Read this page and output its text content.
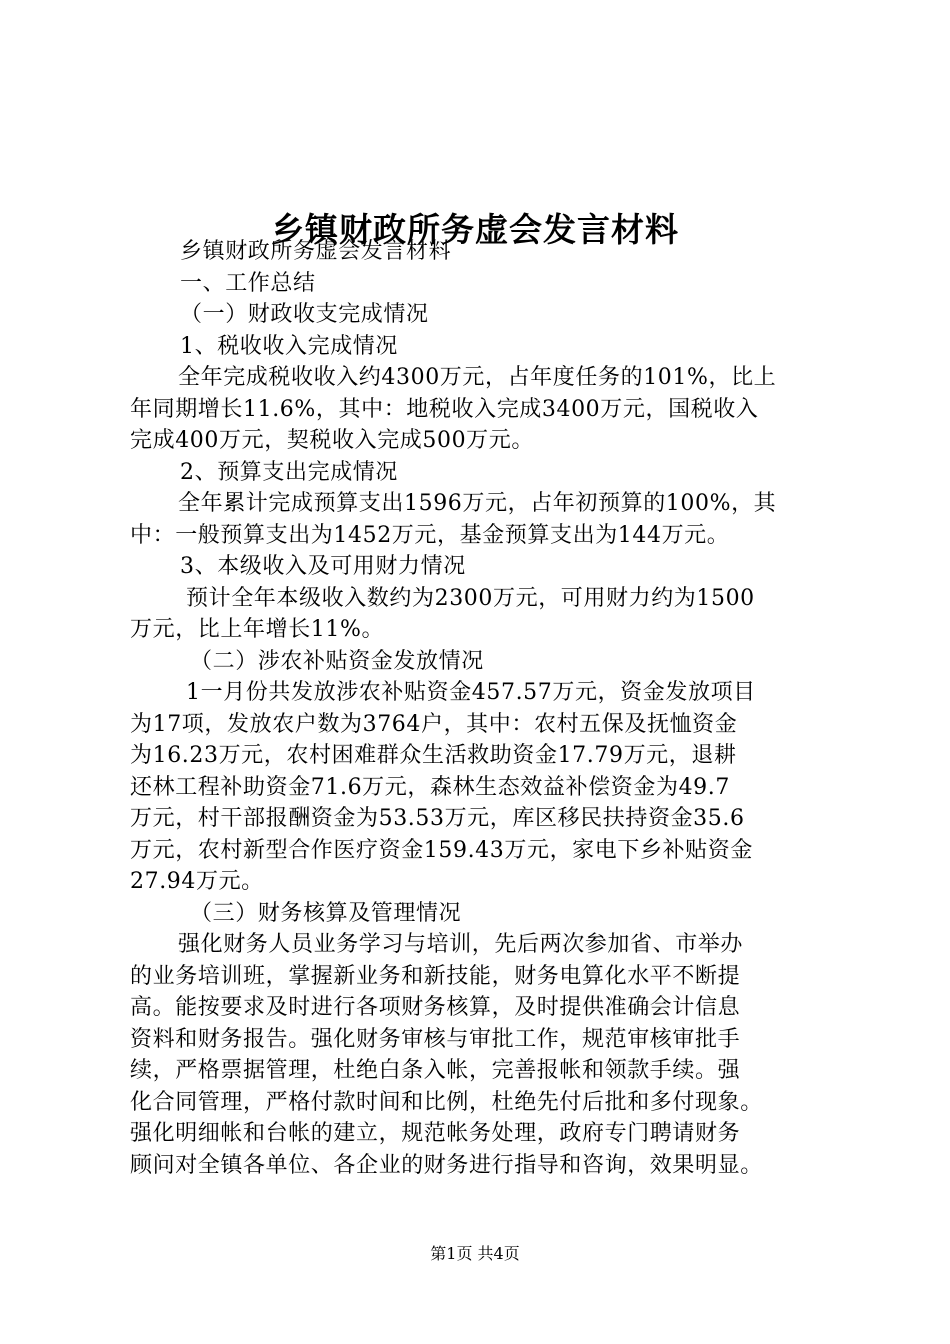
乡镇财政所务虚会发言材料
乡镇财政所务虚会发言材料
一、工作总结
（一）财政收支完成情况
1、税收收入完成情况
全年完成税收收入约4300万元，占年度任务的101%，比上
年同期增长11.6%，其中：地税收入完成3400万元，国税收入
完成400万元，契税收入完成500万元。
2、预算支出完成情况
全年累计完成预算支出1596万元，占年初预算的100%，其
中：一般预算支出为1452万元，基金预算支出为144万元。
3、本级收入及可用财力情况
预计全年本级收入数约为2300万元，可用财力约为1500
万元，比上年增长11%。
（二）涉农补贴资金发放情况
1一月份共发放涉农补贴资金457.57万元，资金发放项目
为17项，发放农户数为3764户，其中：农村五保及抚恤资金
为16.23万元，农村困难群众生活救助资金17.79万元，退耕
还林工程补助资金71.6万元，森林生态效益补偿资金为49.7
万元，村干部报酬资金为53.53万元，库区移民扶持资金35.6
万元，农村新型合作医疗资金159.43万元，家电下乡补贴资金
27.94万元。
（三）财务核算及管理情况
强化财务人员业务学习与培训，先后两次参加省、市举办
的业务培训班，掌握新业务和新技能，财务电算化水平不断提
高。能按要求及时进行各项财务核算，及时提供准确会计信息
资料和财务报告。强化财务审核与审批工作，规范审核审批手
续，严格票据管理，杜绝白条入帐，完善报帐和领款手续。强
化合同管理，严格付款时间和比例，杜绝先付后批和多付现象。
强化明细帐和台帐的建立，规范帐务处理，政府专门聘请财务
顾问对全镇各单位、各企业的财务进行指导和咨询，效果明显。
第1页 共4页
